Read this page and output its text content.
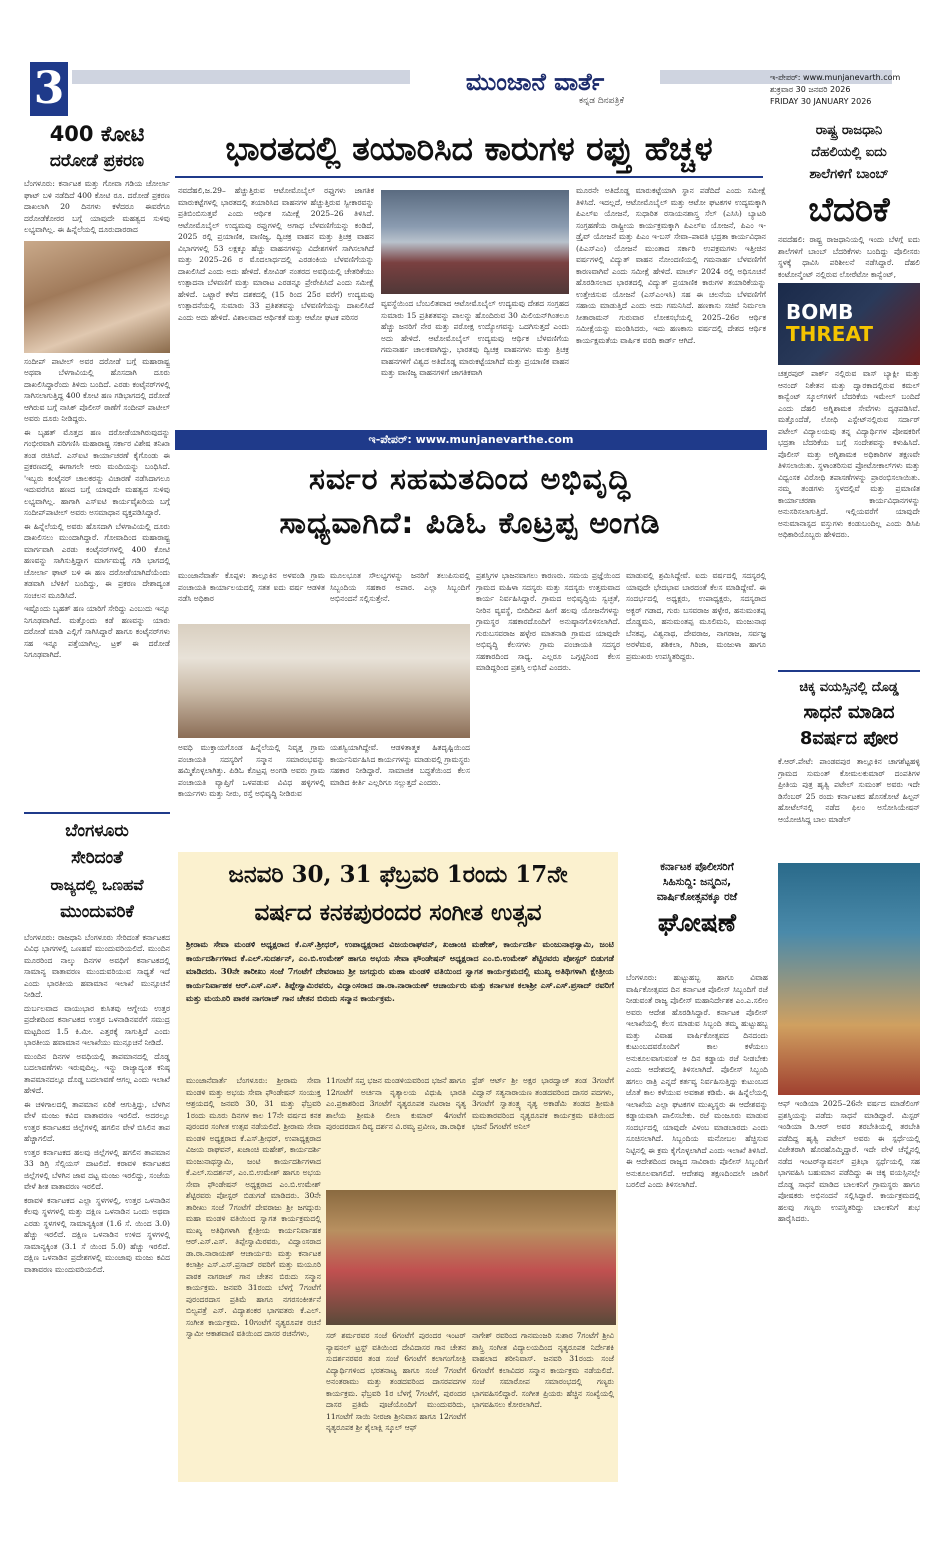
3	ಮುಂಜಾನೆ ವಾರ್ತೆ
ಕನ್ನಡ ದಿನಪತ್ರಿಕೆ
ಇ-ಪೇಪರ್: www.munjanevarth.com
ಶುಕ್ರವಾರ 30 ಜನವರಿ 2026
FRIDAY 30 JANUARY 2026
400 ಕೋಟಿ
ದರೋಡೆ ಪ್ರಕರಣ

ಬೆಂಗಳೂರು: ಕರ್ನಾಟಕ ಮತ್ತು ಗೋವಾ ಗಡಿಯ ಚೋರ್ಲಾ ಘಾಟ್ ಬಳಿ ನಡೆದಿದೆ 400 ಕೋಟಿ ರೂ. ದರೋಡೆ ಪ್ರಕರಣ ದಾಖಲಾಗಿ 20 ದಿನಗಳು ಕಳೆದರೂ ಈವರೆಗೂ ದರೋಡೆಕೋರರ ಬಗ್ಗೆ ಯಾವುದೇ ಮಹತ್ವದ ಸುಳಿವು ಲಭ್ಯವಾಗಿಲ್ಲ. ಈ ಹಿನ್ನೆಲೆಯಲ್ಲಿ ದೂರುದಾರರಾದ

ಸಂದೀಪ್ ಪಾಟೀಲ್ ಅವರ ದರೋಡೆ ಬಗ್ಗೆ ಮಹಾರಾಷ್ಟ್ರ ಅಥವಾ ಬೆಳಗಾವಿಯಲ್ಲಿ ಹೊಸದಾಗಿ ದೂರು ದಾಖಲಿಸಿದ್ದಾರೆಂದು ತಿಳಿದು ಬಂದಿದೆ. ಎರಡು ಕಂಟೈನರ್‌ಗಳಲ್ಲಿ ಸಾಗಿಸಲಾಗುತ್ತಿದ್ದ 400 ಕೋಟಿ ಹಣ ಗಡಿಭಾಗದಲ್ಲಿ ದರೋಡೆ ಆಗಿರುವ ಬಗ್ಗೆ ನಾಸಿಕ್ ಪೊಲೀಸ್ ಠಾಣೆಗೆ ಸಂದೀಪ್ ಪಾಟೀಲ್ ಅವರು ದೂರು ನೀಡಿದ್ದರು.

ಈ ಬೃಹತ್ ಮೊತ್ತದ ಹಣ ದರೋಡೆಯಾಗಿರುವುದನ್ನು ಗಂಭೀರವಾಗಿ ಪರಿಗಣಿಸಿ ಮಹಾರಾಷ್ಟ್ರ ಸರ್ಕಾರ ವಿಶೇಷ ತನಿಖಾ ತಂಡ ರಚಿಸಿದೆ. ಎಸ್‌ಐಟಿ ಕಾರ್ಯಾಚರಣೆ ಕೈಗೊಂಡು ಈ ಪ್ರಕರಣದಲ್ಲಿ ಈಗಾಗಲೇ ಆರು ಮಂದಿಯನ್ನು ಬಂಧಿಸಿದೆ. 'ಇಬ್ಬರು ಕಂಟೈನರ್ ಚಾಲಕರನ್ನು ವಿಚಾರಣೆ ನಡೆಸಿದಾಗಲೂ ಇದುವರೆಗೂ ಹಣದ ಬಗ್ಗೆ ಯಾವುದೇ ಮಹತ್ವದ ಸುಳಿವು ಲಭ್ಯವಾಗಿಲ್ಲ. ಹಾಗಾಗಿ ಎಸ್‌ಐಟಿ ಕಾರ್ಯವೈಖರಿಯ ಬಗ್ಗೆ ಸಂದೀಪ್‌ಪಾಟೀಲ್ ಅವರು ಅಸಮಾಧಾನ ವ್ಯಕ್ತಪಡಿಸಿದ್ದಾರೆ.

ಈ ಹಿನ್ನೆಲೆಯಲ್ಲಿ ಅವರು ಹೊಸದಾಗಿ ಬೆಳಗಾವಿಯಲ್ಲಿ ದೂರು ದಾಖಲಿಸಲು ಮುಂದಾಗಿದ್ದಾರೆ. ಗೋವಾದಿಂದ ಮಹಾರಾಷ್ಟ್ರ ಮಾರ್ಗವಾಗಿ ಎರಡು ಕಂಟೈನರ್‌ಗಳಲ್ಲಿ 400 ಕೋಟಿ ಹಣವನ್ನು ಸಾಗಿಸುತ್ತಿದ್ದಾಗ ಮಾರ್ಗಮಧ್ಯೆ ಗಡಿ ಭಾಗದಲ್ಲಿ ಚೋರ್ಲಾ ಘಾಟ್ ಬಳಿ ಈ ಹಣ ದರೋಡೆಯಾಗಿದೆಯೆಂದು ತಡವಾಗಿ ಬೆಳಕಿಗೆ ಬಂದಿದ್ದು, ಈ ಪ್ರಕರಣ ದೇಶಾದ್ಯಂತ ಸಂಚಲನ ಮೂಡಿಸಿದೆ.

ಇಷ್ಟೊಂದು ಬೃಹತ್ ಹಣ ಯಾರಿಗೆ ಸೇರಿದ್ದು ಎಂಬುದು ಇನ್ನೂ ನಿಗೂಢವಾಗಿದೆ. ಮತ್ತೊಂದು ಕಡೆ ಹಣವನ್ನು ಯಾರು ದರೋಡೆ ಮಾಡಿ ಎಲ್ಲಿಗೆ ಸಾಗಿಸಿದ್ದಾರೆ ಹಾಗೂ ಕಂಟೈನರ್‌ಗಳು ಸಹ ಇನ್ನೂ ಪತ್ತೆಯಾಗಿಲ್ಲ. ಟ್ರಕ್ ಈ ದರೋಡೆ ನಿಗೂಢವಾಗಿದೆ.

ಬೆಂಗಳೂರು
ಸೇರಿದಂತೆ
ರಾಜ್ಯದಲ್ಲಿ ಒಣಹವೆ
ಮುಂದುವರಿಕೆ

ಬೆಂಗಳೂರು: ರಾಜಧಾನಿ ಬೆಂಗಳೂರು ಸೇರಿದಂತೆ ಕರ್ನಾಟಕದ ವಿವಿಧ ಭಾಗಗಳಲ್ಲಿ ಒಣಹವೆ ಮುಂದುವರಿಯಲಿದೆ. ಮುಂದಿನ ಮೂರರಿಂದ ನಾಲ್ಕು ದಿನಗಳ ಅವಧಿಗೆ ಕರ್ನಾಟಕದಲ್ಲಿ ಸಾಮಾನ್ಯ ವಾತಾವರಣ ಮುಂದುವರಿಯುವ ಸಾಧ್ಯತೆ ಇದೆ ಎಂದು ಭಾರತೀಯ ಹವಾಮಾನ ಇಲಾಖೆ ಮುನ್ಸೂಚನೆ ನೀಡಿದೆ.

ದುರ್ಬಲವಾದ ವಾಯುಭಾರ ಕುಸಿತವು ಆಗ್ನೇಯ ಉತ್ತರ ಪ್ರದೇಶದಿಂದ ಕರ್ನಾಟಕದ ಉತ್ತರ ಒಳನಾಡಿನವರೆಗೆ ಸಮುದ್ರ ಮಟ್ಟದಿಂದ 1.5 ಕಿ.ಮೀ. ಎತ್ತರಕ್ಕೆ ಸಾಗುತ್ತಿದೆ ಎಂದು ಭಾರತೀಯ ಹವಾಮಾನ ಇಲಾಖೆಯು ಮುನ್ಸೂಚನೆ ನೀಡಿದೆ.

ಮುಂದಿನ ದಿನಗಳ ಅವಧಿಯಲ್ಲಿ ತಾಪಮಾನದಲ್ಲಿ ದೊಡ್ಡ ಬದಲಾವಣೆಗಳು ಇರುವುದಿಲ್ಲ. ಇನ್ನು ರಾಜ್ಯಾದ್ಯಂತ ಕನಿಷ್ಠ ತಾಪಮಾನದಲ್ಲೂ ದೊಡ್ಡ ಬದಲಾವಣೆ ಆಗಲ್ಲ ಎಂದು ಇಲಾಖೆ ಹೇಳಿದೆ.

ಈ ಚಳಿಗಾಲದಲ್ಲಿ ತಾಪಮಾನ ಏರಿಕೆ ಆಗುತ್ತಿದ್ದು, ಬೆಳಗಿನ ವೇಳೆ ಮಂಜು ಕವಿದ ವಾತಾವರಣ ಇರಲಿದೆ. ಅದರಲ್ಲೂ ಉತ್ತರ ಕರ್ನಾಟಕದ ಜಿಲ್ಲೆಗಳಲ್ಲಿ ಹಗಲಿನ ವೇಳೆ ಬಿಸಿಲಿನ ತಾಪ ಹೆಚ್ಚಾಗಲಿದೆ.

ಉತ್ತರ ಕರ್ನಾಟಕದ ಹಲವು ಜಿಲ್ಲೆಗಳಲ್ಲಿ ಹಗಲಿನ ತಾಪಮಾನ 33 ಡಿಗ್ರಿ ಸೆಲ್ಸಿಯಸ್ ದಾಟಲಿದೆ. ಕರಾವಳಿ ಕರ್ನಾಟಕದ ಜಿಲ್ಲೆಗಳಲ್ಲಿ ಬೆಳಗಿನ ಜಾವ ದಟ್ಟ ಮಂಜು ಇರಲಿದ್ದು, ಸಂಜೆಯ ವೇಳೆ ಶೀತ ವಾತಾವರಣ ಇರಲಿದೆ.

ಕರಾವಳಿ ಕರ್ನಾಟಕದ ಎಲ್ಲಾ ಸ್ಥಳಗಳಲ್ಲಿ, ಉತ್ತರ ಒಳನಾಡಿನ ಕೆಲವು ಸ್ಥಳಗಳಲ್ಲಿ ಮತ್ತು ದಕ್ಷಿಣ ಒಳನಾಡಿನ ಒಂದು ಅಥವಾ ಎರಡು ಸ್ಥಳಗಳಲ್ಲಿ ಸಾಮಾನ್ಯಕ್ಕಿಂತ (1.6 ಸೆ. ಯಿಂದ 3.0) ಹೆಚ್ಚು ಇರಲಿದೆ. ದಕ್ಷಿಣ ಒಳನಾಡಿನ ಉಳಿದ ಸ್ಥಳಗಳಲ್ಲಿ ಸಾಮಾನ್ಯಕ್ಕಿಂತ (3.1 ಸೆ ಯಿಂದ 5.0) ಹೆಚ್ಚು ಇರಲಿದೆ. ದಕ್ಷಿಣ ಒಳನಾಡಿನ ಪ್ರದೇಶಗಳಲ್ಲಿ ಮುಂಜಾವು ಮಂಜು ಕವಿದ ವಾತಾವರಣ ಮುಂದುವರಿಯಲಿದೆ.

ಭಾರತದಲ್ಲಿ ತಯಾರಿಸಿದ ಕಾರುಗಳ ರಫ್ತು ಹೆಚ್ಚಳ
ನವದೆಹಲಿ,ಜ.29– ಹೆಚ್ಚುತ್ತಿರುವ ಆಟೋಮೊಬೈಲ್ ರಫ್ತುಗಳು ಜಾಗತಿಕ ಮಾರುಕಟ್ಟೆಗಳಲ್ಲಿ ಭಾರತದಲ್ಲಿ ತಯಾರಿಸಿದ ವಾಹನಗಳ ಹೆಚ್ಚುತ್ತಿರುವ ಸ್ವೀಕಾರವನ್ನು ಪ್ರತಿಬಿಂಬಿಸುತ್ತವೆ ಎಂದು ಆರ್ಥಿಕ ಸಮೀಕ್ಷೆ 2025–26 ತಿಳಿಸಿದೆ. ಆಟೋಮೊಬೈಲ್ ಉದ್ಯಮವು ರಫ್ತುಗಳಲ್ಲಿ ಅಗಾಧ ಬೆಳವಣಿಗೆಯನ್ನು ಕಂಡಿದೆ, 2025 ರಲ್ಲಿ ಪ್ರಯಾಣಿಕ, ವಾಣಿಜ್ಯ, ದ್ವಿಚಕ್ರ ವಾಹನ ಮತ್ತು ತ್ರಿಚಕ್ರ ವಾಹನ ವಿಭಾಗಗಳಲ್ಲಿ 53 ಲಕ್ಷಕ್ಕೂ ಹೆಚ್ಚು ವಾಹನಗಳನ್ನು ವಿದೇಶಗಳಿಗೆ ಸಾಗಿಸಲಾಗಿದೆ ಮತ್ತು 2025–26 ರ ಮೊದಲಾರ್ಧದಲ್ಲಿ ಎರಡಂಕಿಯ ಬೆಳವಣಿಗೆಯನ್ನು ದಾಖಲಿಸಿದೆ ಎಂದು ಅದು ಹೇಳಿದೆ. ಕೋವಿಡ್ ನಂತರದ ಅವಧಿಯಲ್ಲಿ ಚೇತರಿಕೆಯು ಉತ್ಪಾದನಾ ಬೆಳವಣಿಗೆ ಮತ್ತು ಮಾರಾಟ ಎರಡನ್ನೂ ಪ್ರೇರೇಪಿಸಿದೆ ಎಂದು ಸಮೀಕ್ಷೆ ಹೇಳಿದೆ. ಒಟ್ಟಾರೆ ಕಳೆದ ದಶಕದಲ್ಲಿ (15 ರಿಂದ 25ರ ವರೆಗೆ) ಉದ್ಯಮವು ಉತ್ಪಾದನೆಯಲ್ಲಿ ಸುಮಾರು 33 ಪ್ರತಿಶತವನ್ನು ಬೆಳವಣಿಗೆಯನ್ನು ದಾಖಲಿಸಿದೆ ಎಂದು ಅದು ಹೇಳಿದೆ. ವಿಶಾಲವಾದ ಆರ್ಥಿಕತೆ ಮತ್ತು ಆಟೋ ಘಟಕ ಪರಿಸರ
ವ್ಯವಸ್ಥೆಯಿಂದ ಬೆಂಬಲಿತವಾದ ಆಟೋಮೊಬೈಲ್ ಉದ್ಯಮವು ದೇಶದ ಸಂಗ್ರಹದ ಸುಮಾರು 15 ಪ್ರತಿಶತವನ್ನು ಪಾಲನ್ನು ಹೊಂದಿರುವ 30 ಮಿಲಿಯನ್‌ಗಿಂತಲೂ ಹೆಚ್ಚು ಜನರಿಗೆ ನೇರ ಮತ್ತು ಪರೋಕ್ಷ ಉದ್ಯೋಗವನ್ನು ಒದಗಿಸುತ್ತದೆ ಎಂದು ಅದು ಹೇಳಿದೆ. ಆಟೋಮೊಬೈಲ್ ಉದ್ಯಮವು ಆರ್ಥಿಕ ಬೆಳವಣಿಗೆಯ ಗಮನಾರ್ಹ ಚಾಲಕವಾಗಿದ್ದು, ಭಾರತವು ದ್ವಿಚಕ್ರ ವಾಹನಗಳು ಮತ್ತು ತ್ರಿಚಕ್ರ ವಾಹನಗಳಿಗೆ ವಿಶ್ವದ ಅತಿದೊಡ್ಡ ಮಾರುಕಟ್ಟೆಯಾಗಿದೆ ಮತ್ತು ಪ್ರಯಾಣಿಕ ವಾಹನ ಮತ್ತು ವಾಣಿಜ್ಯ ವಾಹನಗಳಿಗೆ ಜಾಗತಿಕವಾಗಿ
ಮೂರನೇ ಅತಿದೊಡ್ಡ ಮಾರುಕಟ್ಟೆಯಾಗಿ ಸ್ಥಾನ ಪಡೆದಿದೆ ಎಂದು ಸಮೀಕ್ಷೆ ತಿಳಿಸಿದೆ. ಇದಲ್ಲದೆ, ಆಟೋಮೊಬೈಲ್ ಮತ್ತು ಆಟೋ ಘಟಕಗಳ ಉದ್ಯಮಕ್ಕಾಗಿ ಪಿಎಲ್‌ಐ ಯೋಜನೆ, ಸುಧಾರಿತ ರಸಾಯನಶಾಸ್ತ್ರ ಸೆಲ್ (ಎಸಿಸಿ) ಬ್ಯಾಟರಿ ಸಂಗ್ರಹಣೆಯ ರಾಷ್ಟ್ರೀಯ ಕಾರ್ಯಕ್ರಮಕ್ಕಾಗಿ ಪಿಎಲ್‌ಐ ಯೋಜನೆ, ಪಿಎಂ ಇ-ಡ್ರೈವ್ ಯೋಜನೆ ಮತ್ತು ಪಿಎಂ ಇ-ಬಸ್ ಸೇವಾ–ಪಾವತಿ ಭದ್ರತಾ ಕಾರ್ಯವಿಧಾನ (ಪಿಎಸ್‌ಎಂ) ಯೋಜನೆ ಮುಂತಾದ ಸರ್ಕಾರಿ ಉಪಕ್ರಮಗಳು ಇತ್ತೀಚಿನ ವರ್ಷಗಳಲ್ಲಿ ವಿದ್ಯುತ್ ವಾಹನ ನೋಂದಣಿಯಲ್ಲಿ ಗಮನಾರ್ಹ ಬೆಳವಣಿಗೆಗೆ ಕಾರಣವಾಗಿವೆ ಎಂದು ಸಮೀಕ್ಷೆ ಹೇಳಿದೆ. ಮಾರ್ಚ್ 2024 ರಲ್ಲಿ ಅಧಿಸೂಚನೆ ಹೊರಡಿಸಲಾದ ಭಾರತದಲ್ಲಿ ವಿದ್ಯುತ್ ಪ್ರಯಾಣಿಕ ಕಾರುಗಳ ತಯಾರಿಕೆಯನ್ನು ಉತ್ತೇಜಿಸುವ ಯೋಜನೆ (ಎಸ್‌ಎಂಇಸಿ) ಸಹ ಈ ಚಲನೆಯ ಬೆಳವಣಿಗೆಗೆ ಸಹಾಯ ಮಾಡುತ್ತಿದೆ ಎಂದು ಅದು ಗಮನಿಸಿದೆ. ಹಣಕಾಸು ಸಚಿವೆ ನಿರ್ಮಲಾ ಸೀತಾರಾಮನ್ ಗುರುವಾರ ಲೋಕಸಭೆಯಲ್ಲಿ 2025–26ರ ಆರ್ಥಿಕ ಸಮೀಕ್ಷೆಯನ್ನು ಮಂಡಿಸಿದರು, ಇದು ಹಣಕಾಸು ವರ್ಷದಲ್ಲಿ ದೇಶದ ಆರ್ಥಿಕ ಕಾರ್ಯಕ್ಷಮತೆಯ ವಾರ್ಷಿಕ ವರದಿ ಕಾರ್ಡ್ ಆಗಿದೆ.
ಇ-ಪೇಪರ್: www.munjanevarthe.com
ಸರ್ವರ ಸಹಮತದಿಂದ ಅಭಿವೃದ್ಧಿ
ಸಾಧ್ಯವಾಗಿದೆ: ಪಿಡಿಓ ಕೊಟ್ರಪ್ಪ ಅಂಗಡಿ
ಮುಂಜಾನೆವಾರ್ತೆ ಕೊಪ್ಪಳ: ತಾಲ್ಲೂಕಿನ ಅಳವಂಡಿ ಗ್ರಾಮ ಪಂಚಾಯತಿ ಕಾರ್ಯಾಲಯದಲ್ಲಿ ಸತತ ಐದು ವರ್ಷ ಆಡಳಿತ ನಡೆಸಿ ಅಧಿಕಾರ
ಮೂಲಭೂತ ಸೌಲಭ್ಯಗಳನ್ನು ಜನರಿಗೆ ತಲುಪಿಸುವಲ್ಲಿ ಸಿಬ್ಬಂದಿಯ ಸಹಕಾರ ಅಪಾರ. ಎಲ್ಲಾ ಸಿಬ್ಬಂದಿಗೆ ಅಭಿನಂದನೆ ಸಲ್ಲಿಸುತ್ತೇನೆ.
ಅವಧಿ ಮುಕ್ತಾಯಗೊಂಡ ಹಿನ್ನೆಲೆಯಲ್ಲಿ ನಿವೃತ್ತ ಗ್ರಾಮ ಪಂಚಾಯತಿ ಸದಸ್ಯರಿಗೆ ಸನ್ಮಾನ ಸಮಾರಂಭವನ್ನು ಹಮ್ಮಿಕೊಳ್ಳಲಾಗಿತ್ತು. ಪಿಡಿಓ ಕೊಟ್ರಪ್ಪ ಅಂಗಡಿ ಅವರು ಗ್ರಾಮ ಪಂಚಾಯತಿ ವ್ಯಾಪ್ತಿಗೆ ಒಳಪಡುವ ವಿವಿಧ ಹಳ್ಳಿಗಳಲ್ಲಿ ಕಾರ್ಯಗಳು ಮತ್ತು ನೀರು, ರಸ್ತೆ ಅಭಿವೃದ್ಧಿ ನೀಡಿರುವ
ಯಶಸ್ವಿಯಾಗಿದ್ದೇವೆ. ಆಡಳಿತಾತ್ಮಕ ಹಿತದೃಷ್ಟಿಯಿಂದ ಕಾರ್ಯನಿರ್ವಹಿಸಿದ ಕಾರ್ಯಗಳನ್ನು ಮಾಡುವಲ್ಲಿ ಗ್ರಾಮಸ್ಥರು ಸಹಕಾರ ನೀಡಿದ್ದಾರೆ. ಸಾಮಾಜಿಕ ಬದ್ಧತೆಯಿಂದ ಕೆಲಸ ಮಾಡಿದ ಕೀರ್ತಿ ಎಲ್ಲರಿಗೂ ಸಲ್ಲುತ್ತದೆ ಎಂದರು.
ಪ್ರಶಸ್ತಿಗಳ ಭಾಜನವಾಗಲು ಕಾರಣರು. ಸಮಯ ಪ್ರಜ್ಞೆಯಿಂದ ಗ್ರಾಮದ ಮಹಿಳಾ ಸದಸ್ಯರು ಮತ್ತು ಸದಸ್ಯರು ಉತ್ತಮವಾದ ಕಾರ್ಯ ನಿರ್ವಹಿಸಿದ್ದಾರೆ. ಗ್ರಾಮದ ಅಭಿವೃದ್ಧಿಯ ಸ್ವಚ್ಛತೆ, ನೀರಿನ ವ್ಯವಸ್ಥೆ, ಬೀದಿದೀಪ ಹೀಗೆ ಹಲವು ಯೋಜನೆಗಳನ್ನು ಗ್ರಾಮಸ್ಥರ ಸಹಕಾರದೊಂದಿಗೆ ಅನುಷ್ಠಾನಗೊಳಿಸಲಾಗಿದೆ. ಗುರುಬಸವರಾಜ ಹಳ್ಳೇರ ಮಾತನಾಡಿ ಗ್ರಾಮದ ಯಾವುದೇ ಅಭಿವೃದ್ಧಿ ಕೆಲಸಗಳು ಗ್ರಾಮ ಪಂಚಾಯತಿ ಸದಸ್ಯರ ಸಹಕಾರದಿಂದ ಸಾಧ್ಯ. ಎಲ್ಲರೂ ಒಗ್ಗಟ್ಟಿನಿಂದ ಕೆಲಸ ಮಾಡಿದ್ದರಿಂದ ಪ್ರಶಸ್ತಿ ಲಭಿಸಿದೆ ಎಂದರು.
ಮಾಡುವಲ್ಲಿ ಶ್ರಮಿಸಿದ್ದೇವೆ. ಐದು ವರ್ಷದಲ್ಲಿ ಸದಸ್ಯರಲ್ಲಿ ಯಾವುದೇ ಭೇದಭಾವ ಬಾರದಂತೆ ಕೆಲಸ ಮಾಡಿದ್ದೇವೆ. ಈ ಸಂದರ್ಭದಲ್ಲಿ ಅಧ್ಯಕ್ಷರು, ಉಪಾಧ್ಯಕ್ಷರು, ಸದಸ್ಯರಾದ ಅಕ್ಬರ್ ಗಡಾದ, ಗುರು ಬಸವರಾಜ ಹಳ್ಳೇರ, ಹನುಮಂತಪ್ಪ ದೊಡ್ಡಮನಿ, ಹನುಮಂತಪ್ಪ ಮೂಲಿಮನಿ, ಮಂಜುನಾಥ ಬೆನಕಪ್ಪ, ವಿಶ್ವನಾಥ, ದೇವರಾಜ, ನಾಗರಾಜ, ಸರ್ವಜ್ಞ ಅರಳೆಮಠ, ಶಶಿಕಲಾ, ಗಿರಿಜಾ, ಮಂಜುಳಾ ಹಾಗೂ ಪ್ರಮುಖರು ಉಪಸ್ಥಿತರಿದ್ದರು.
ಜನವರಿ 30, 31 ಫೆಬ್ರವರಿ 1ರಂದು 17ನೇ
ವರ್ಷದ ಕನಕಪುರಂದರ ಸಂಗೀತ ಉತ್ಸವ
ಶ್ರೀರಾಮ ಸೇವಾ ಮಂಡಳಿ ಅಧ್ಯಕ್ಷರಾದ ಕೆ.ಎಸ್.ಶ್ರೀಧರ್, ಉಪಾಧ್ಯಕ್ಷರಾದ ವಿಜಯರಾಘವನ್, ಖಜಾಂಚಿ ಮಹೇಶ್, ಕಾರ್ಯದರ್ಶಿ ಮಂಜುನಾಥಸ್ವಾಮಿ, ಜಂಟಿ ಕಾರ್ಯದರ್ಶಿಗಳಾದ ಕೆ.ಎಲ್.ಸುದರ್ಶನ್, ಎಂ.ಬಿ.ಉಮೇಶ್ ಹಾಗೂ ಅಭಯ ಸೇವಾ ಫೌಂಡೇಷನ್ ಅಧ್ಯಕ್ಷರಾದ ಎಂ.ಬಿ.ಉಮೇಶ್ ಶೆಟ್ಟಿರವರು ಪೋಸ್ಟರ್ ಬಿಡುಗಡೆ ಮಾಡಿದರು. 30ನೇ ತಾರೀಖು ಸಂಜೆ 7ಗಂಟೆಗೆ ದೇವರಾಜು ಶ್ರೀ ಜಗದ್ಗುರು ಮಹಾ ಮಂಡಳಿ ವತಿಯಿಂದ ಸ್ವಾಗತ ಕಾರ್ಯಕ್ರಮದಲ್ಲಿ ಮುಖ್ಯ ಅತಿಥಿಗಳಾಗಿ ಕ್ಷೇತ್ರೀಯ ಕಾರ್ಯನಿರ್ವಾಹಕ ಆರ್.ಎಸ್.ಎಸ್. ತಿಪ್ಪೇಸ್ವಾಮಿರವರು, ವಿದ್ವಾಂಸರಾದ ಡಾ.ರಾ.ನಾರಾಯಣ್ ಆಚಾರ್ಯರು ಮತ್ತು ಕರ್ನಾಟಕ ಕಲಾಶ್ರೀ ಎಸ್.ಎಸ್.ಪ್ರಸಾದ್ ರವರಿಗೆ ಮತ್ತು ಮಯೂರಿ ಪಾಠಕ ನಾಗರಾಜ್ ಗಾನ ಚೇತನ ಬಿರುದು ಸನ್ಮಾನ ಕಾರ್ಯಕ್ರಮ.
ಮುಂಜಾನೆವಾರ್ತೆ ಬೆಂಗಳೂರು: ಶ್ರೀರಾಮ ಸೇವಾ ಮಂಡಳಿ ಮತ್ತು ಅಭಯ ಸೇವಾ ಫೌಂಡೇಷನ್ ಸಂಯುಕ್ತ ಆಶ್ರಯದಲ್ಲಿ ಜನವರಿ 30, 31 ಮತ್ತು ಫೆಬ್ರವರಿ 1ರಂದು ಮೂರು ದಿನಗಳ ಕಾಲ 17ನೇ ವರ್ಷದ ಕನಕ ಪುರಂದರ ಸಂಗೀತ ಉತ್ಸವ ನಡೆಯಲಿದೆ. ಶ್ರೀರಾಮ ಸೇವಾ ಮಂಡಳಿ ಅಧ್ಯಕ್ಷರಾದ ಕೆ.ಎಸ್.ಶ್ರೀಧರ್, ಉಪಾಧ್ಯಕ್ಷರಾದ ವಿಜಯ ರಾಘವನ್, ಖಜಾಂಚಿ ಮಹೇಶ್, ಕಾರ್ಯದರ್ಶಿ ಮಂಜುನಾಥಸ್ವಾಮಿ, ಜಂಟಿ ಕಾರ್ಯದರ್ಶಿಗಳಾದ ಕೆ.ಎಲ್.ಸುದರ್ಶನ್, ಎಂ.ಬಿ.ಉಮೇಶ್ ಹಾಗೂ ಅಭಯ ಸೇವಾ ಫೌಂಡೇಷನ್ ಅಧ್ಯಕ್ಷರಾದ ಎಂ.ಬಿ.ಉಮೇಶ್ ಶೆಟ್ಟಿರವರು ಪೋಸ್ಟರ್ ಬಿಡುಗಡೆ ಮಾಡಿದರು. 30ನೇ ತಾರೀಖು ಸಂಜೆ 7ಗಂಟೆಗೆ ದೇವರಾಜು ಶ್ರೀ ಜಗದ್ಗುರು ಮಹಾ ಮಂಡಳಿ ವತಿಯಿಂದ ಸ್ವಾಗತ ಕಾರ್ಯಕ್ರಮದಲ್ಲಿ ಮುಖ್ಯ ಅತಿಥಿಗಳಾಗಿ ಕ್ಷೇತ್ರೀಯ ಕಾರ್ಯನಿರ್ವಾಹಕ ಆರ್.ಎಸ್.ಎಸ್. ತಿಪ್ಪೇಸ್ವಾಮಿರವರು, ವಿದ್ವಾಂಸರಾದ ಡಾ.ರಾ.ನಾರಾಯಣ್ ಆಚಾರ್ಯರು ಮತ್ತು ಕರ್ನಾಟಕ ಕಲಾಶ್ರೀ ಎಸ್.ಎಸ್.ಪ್ರಸಾದ್ ರವರಿಗೆ ಮತ್ತು ಮಯೂರಿ ಪಾಠಕ ನಾಗರಾಜ್ ಗಾನ ಚೇತನ ಬಿರುದು ಸನ್ಮಾನ ಕಾರ್ಯಕ್ರಮ. ಜನವರಿ 31ರಂದು ಬೆಳಗ್ಗೆ 7ಗಂಟೆಗೆ ಪುರಂದರದಾಸ ಪ್ರತಿಮೆ ಹಾಗೂ ನಗರಸಂಕೀರ್ತನೆ ಬಿಲ್ವಪತ್ರೆ ಎಸ್. ವಿದ್ಯಾಶಂಕರ ಭಾಗವತರು ಕೆ.ಎಲ್. ಸಂಗೀತ ಕಾರ್ಯಕ್ರಮ. 10ಗಂಟೆಗೆ ನೃತ್ಯರೂಪಕ ರಚನೆ ಸ್ವಾಮೀ ಆಕಾಶವಾಣಿ ವತಿಯಿಂದ ದಾಸರ ರಚನೆಗಳು,
11ಗಂಟೆಗೆ ಸಪ್ತ ಭಜನ ಮಂಡಳಿಯವರಿಂದ ಭಜನೆ ಹಾಗೂ 12ಗಂಟೆಗೆ ಅರ್ಚನಾ ನೃತ್ಯಾಲಯ ವಿಧುಷಿ ಭಾರತಿ ಎಂ.ಪ್ರಕಾಶರಿಂದ 3ಗಂಟೆಗೆ ನೃತ್ಯರೂಪಕ ನಟರಾಜ ನೃತ್ಯ ಶಾಲೆಯ ಶ್ರೀಮತಿ ಲೀಲಾ ಕುಮಾರ್ 4ಗಂಟೆಗೆ ಪುರಂದರದಾಸ ದಿವ್ಯ ದರ್ಶನ ವಿ.ರಮ್ಯ ಪ್ರವೀಣ, ಡಾ.ರಾಧಿಕ
ಫ್ರೆಡ್ ಆರ್ಟ್ ಶ್ರೀ ಅಕ್ಷರ ಭಾರದ್ವಾಜ್ ತಂಡ 3ಗಂಟೆಗೆ ವಿದ್ವಾನ್ ಸತ್ಯನಾರಾಯಣ ತಂಡದವರಿಂದ ದಾಸರ ಪದಗಳು, 3ಗಂಟೆಗೆ ಸ್ವಾತಂತ್ರ್ಯ ನೃತ್ಯ ಅಕಾಡೆಮಿ ತಂಡದ ಶ್ರೀಮತಿ ಮಮತಾರವರಿಂದ ನೃತ್ಯರೂಪಕ ಕಾರ್ಯಕ್ರಮ ವತಿಯಿಂದ ಭಜನೆ 5ಗಂಟೆಗೆ ಅನಿಲ್
ಸರ್ ಶರ್ಮರವರ ಸಂಜೆ 6ಗಂಟೆಗೆ ಪುರಂದರ ಇಂಟರ್ ನ್ಯಾಷನಲ್ ಟ್ರಸ್ಟ್ ವತಿಯಿಂದ ದೇವಿದಾಸರ ಗಾನ ಚೇತನ ಸುದರ್ಶನರವರ ತಂಡ ಸಂಜೆ 6ಗಂಟೆಗೆ ಕಲಾಗಂಗೋತ್ರಿ ವಿದ್ಯಾರ್ಥಿಗಳಿಂದ ಭರತನಾಟ್ಯ ಹಾಗೂ ಸಂಜೆ 7ಗಂಟೆಗೆ ಅನಂತರಾಮು ಮತ್ತು ತಂಡದವರಿಂದ ದಾಸರಪದಗಳ ಕಾರ್ಯಕ್ರಮ. ಫೆಬ್ರವರಿ 1ರ ಬೆಳಗ್ಗೆ 7ಗಂಟೆಗೆ, ಪುರಂದರ ದಾಸರ ಪ್ರತಿಮೆ ಪೂಜೆಯೊಂದಿಗೆ ಮುಂದುವರಿದು, 11ಗಂಟೆಗೆ ಸಾಯಿ ನೀರಜಾ ಶ್ರೀನಿವಾಸ ಹಾಗೂ 12ಗಂಟೆಗೆ ನೃತ್ಯರೂಪಕ ಶ್ರೀ ಶೈಲಾಕ್ಷಿ ಸ್ಕೂಲ್ ಆಫ್
ನಾಗೇಶ್ ರವರಿಂದ ಗಾನಮಂಜರಿ ಸುಶಾರ 7ಗಂಟೆಗೆ ಶ್ರೀವಿ ಶಾಸ್ತ್ರಿ ಸಂಗೀತ ವಿದ್ಯಾಲಯದಿಂದ ನೃತ್ಯರೂಪಕ ನಿರ್ದೇಶಕಿ ವಾಹಲಾದ ಶರೀನಿವಾಸ್. ಜನವರಿ 31ರಂದು ಸಂಜೆ 6ಗಂಟೆಗೆ ಕಲಾವಿದರ ಸನ್ಮಾನ ಕಾರ್ಯಕ್ರಮ ನಡೆಯಲಿದೆ. ಸಂಜೆ ಸಮಾರೋಪ ಸಮಾರಂಭದಲ್ಲಿ ಗಣ್ಯರು ಭಾಗವಹಿಸಲಿದ್ದಾರೆ. ಸಂಗೀತ ಪ್ರಿಯರು ಹೆಚ್ಚಿನ ಸಂಖ್ಯೆಯಲ್ಲಿ ಭಾಗವಹಿಸಲು ಕೋರಲಾಗಿದೆ.
ಕರ್ನಾಟಕ ಪೊಲೀಸರಿಗೆ
ಸಿಹಿಸುದ್ದಿ: ಜನ್ಮದಿನ,
ವಾರ್ಷಿಕೋತ್ಸವಕ್ಕೂ ರಜೆ
ಘೋಷಣೆ
ಬೆಂಗಳೂರು: ಹುಟ್ಟುಹಬ್ಬ ಹಾಗೂ ವಿವಾಹ ವಾರ್ಷಿಕೋತ್ಸವದ ದಿನ ಕರ್ನಾಟಕ ಪೊಲೀಸ್ ಸಿಬ್ಬಂದಿಗೆ ರಜೆ ನೀಡುವಂತೆ ರಾಜ್ಯ ಪೊಲೀಸ್ ಮಹಾನಿರ್ದೇಶಕ ಎಂ.ಎ.ಸಲೀಂ ಅವರು ಆದೇಶ ಹೊರಡಿಸಿದ್ದಾರೆ. ಕರ್ನಾಟಕ ಪೊಲೀಸ್ ಇಲಾಖೆಯಲ್ಲಿ ಕೆಲಸ ಮಾಡುವ ಸಿಬ್ಬಂದಿ ತಮ್ಮ ಹುಟ್ಟುಹಬ್ಬ ಮತ್ತು ವಿವಾಹ ವಾರ್ಷಿಕೋತ್ಸವದ ದಿನದಂದು ಕುಟುಂಬದವರೊಂದಿಗೆ ಕಾಲ ಕಳೆಯಲು ಅನುಕೂಲವಾಗುವಂತೆ ಆ ದಿನ ಕಡ್ಡಾಯ ರಜೆ ನೀಡಬೇಕು ಎಂದು ಆದೇಶದಲ್ಲಿ ತಿಳಿಸಲಾಗಿದೆ. ಪೊಲೀಸ್ ಸಿಬ್ಬಂದಿ ಹಗಲು ರಾತ್ರಿ ಎನ್ನದೆ ಕರ್ತವ್ಯ ನಿರ್ವಹಿಸುತ್ತಿದ್ದು ಕುಟುಂಬದ ಜೊತೆ ಕಾಲ ಕಳೆಯುವ ಅವಕಾಶ ಕಡಿಮೆ. ಈ ಹಿನ್ನೆಲೆಯಲ್ಲಿ ಇಲಾಖೆಯ ಎಲ್ಲಾ ಘಟಕಗಳ ಮುಖ್ಯಸ್ಥರು ಈ ಆದೇಶವನ್ನು ಕಡ್ಡಾಯವಾಗಿ ಪಾಲಿಸಬೇಕು. ರಜೆ ಮಂಜೂರು ಮಾಡುವ ಸಂದರ್ಭದಲ್ಲಿ ಯಾವುದೇ ವಿಳಂಬ ಮಾಡಬಾರದು ಎಂದು ಸೂಚಿಸಲಾಗಿದೆ. ಸಿಬ್ಬಂದಿಯ ಮನೋಬಲ ಹೆಚ್ಚಿಸುವ ನಿಟ್ಟಿನಲ್ಲಿ ಈ ಕ್ರಮ ಕೈಗೊಳ್ಳಲಾಗಿದೆ ಎಂದು ಇಲಾಖೆ ತಿಳಿಸಿದೆ. ಈ ಆದೇಶದಿಂದ ರಾಜ್ಯದ ಸಾವಿರಾರು ಪೊಲೀಸ್ ಸಿಬ್ಬಂದಿಗೆ ಅನುಕೂಲವಾಗಲಿದೆ. ಆದೇಶವು ತಕ್ಷಣದಿಂದಲೇ ಜಾರಿಗೆ ಬರಲಿದೆ ಎಂದು ತಿಳಿಸಲಾಗಿದೆ.
ರಾಷ್ಟ್ರ ರಾಜಧಾನಿ
ದೆಹಲಿಯಲ್ಲಿ ಐದು
ಶಾಲೆಗಳಿಗೆ ಬಾಂಬ್
ಬೆದರಿಕೆ
ನವದೆಹಲಿ: ರಾಷ್ಟ್ರ ರಾಜಧಾನಿಯಲ್ಲಿ ಇಂದು ಬೆಳಗ್ಗೆ ಐದು ಶಾಲೆಗಳಿಗೆ ಬಾಂಬ್ ಬೆದರಿಕೆಗಳು ಬಂದಿದ್ದು ಪೊಲೀಸರು ಸ್ಥಳಕ್ಕೆ ಧಾವಿಸಿ ಪರಿಶೀಲನೆ ನಡೆಸಿದ್ದಾರೆ. ದೆಹಲಿ ಕಂಟೋನ್ಮೆಂಟ್ ನಲ್ಲಿರುವ ಲೋರೆಟೋ ಕಾನ್ವೆಂಟ್,
BOMB
THREAT
ಚತ್ತರಪುರ್ ಪಾರ್ಕ್ ನಲ್ಲಿರುವ ವಾಸ್ ಬ್ಯಾಕ್ಲೀ ಮತ್ತು ಆನಂದ್ ನಿಕೇತನ ಮತ್ತು ದ್ವಾರಕಾದಲ್ಲಿರುವ ಕಮಲ್ ಕಾನ್ವೆಂಟ್ ಸ್ಕೂಲ್‌ಗಳಿಗೆ ಬೆದರಿಕೆಯ ಇಮೇಲ್ ಬಂದಿದೆ ಎಂದು ದೆಹಲಿ ಅಗ್ನಿಶಾಮಕ ಸೇವೆಗಳು ದೃಢಪಡಿಸಿವೆ. ಮತ್ತೊಂದೆಡೆ, ಲೋಧಿ ಎಸ್ಟೇಟ್‌ನಲ್ಲಿರುವ ಸರ್ದಾರ್ ಪಟೇಲ್ ವಿದ್ಯಾಲಯವು ತನ್ನ ವಿದ್ಯಾರ್ಥಿಗಳ ಪೋಷಕರಿಗೆ ಭದ್ರತಾ ಬೆದರಿಕೆಯ ಬಗ್ಗೆ ಸಂದೇಶವನ್ನು ಕಳುಹಿಸಿದೆ. ಪೊಲೀಸ್ ಮತ್ತು ಅಗ್ನಿಶಾಮಕ ಅಧಿಕಾರಿಗಳ ತಕ್ಷಣವೇ ತಿಳಿಸಲಾಯಿತು. ಸ್ಥಳಾಂತರಿಸುವ ಪ್ರೋಟೋಕಾಲ್‌ಗಳು ಮತ್ತು ವಿಧ್ವಂಸಕ ವಿರೋಧಿ ತಪಾಸಣೆಗಳನ್ನು ಪ್ರಾರಂಭಿಸಲಾಯಿತು. ನಮ್ಮ ತಂಡಗಳು ಸ್ಥಳದಲ್ಲಿವೆ ಮತ್ತು ಪ್ರಮಾಣಿತ ಕಾರ್ಯಾಚರಣಾ ಕಾರ್ಯವಿಧಾನಗಳನ್ನು ಅನುಸರಿಸಲಾಗುತ್ತಿದೆ. ಇಲ್ಲಿಯವರೆಗೆ ಯಾವುದೇ ಅನುಮಾನಾಸ್ಪದ ವಸ್ತುಗಳು ಕಂಡುಬಂದಿಲ್ಲ ಎಂದು ಡಿಸಿಪಿ ಅಧಿಕಾರಿಯೊಬ್ಬರು ಹೇಳಿದರು.
ಚಿಕ್ಕ ವಯಸ್ಸಿನಲ್ಲಿ ದೊಡ್ಡ
ಸಾಧನೆ ಮಾಡಿದ
8ವರ್ಷದ ಪೋರ
ಕೆ.ಆರ್.ಪೇಟೆ: ಪಾಂಡವಪುರ ತಾಲ್ಲೂಕಿನ ಚಾಗಶೆಟ್ಟಹಳ್ಳಿ ಗ್ರಾಮದ ಸುಮಂತ್ ಕೋಮಲಕುಮಾರ್ ದಂಪತಿಗಳ ಪ್ರೀತಿಯ ಪುತ್ರ ಹೃತ್ವಿ ಪಟೇಲ್ ಸುಮಂತ್ ಅವರು ಇದೇ ಡಿಸೆಂಬರ್ 25 ರಂದು ಕರ್ನಾಟಕದ ಹೊಸಕೋಟೆ ಹಿಲ್ಟನ್ ಹೋಟೆಲ್‌ನಲ್ಲಿ ನಡೆದ ಫಿಲಂ ಅಸೋಸಿಯೇಷನ್ ಆಯೋಜಿಸಿದ್ದ ಬಾಲ ಮಾಡೆಲ್
ಆಫ್ ಇಂಡಿಯಾ 2025–26ನೇ ವರ್ಷದ ಮಾಡೆಲಿಂಗ್ ಪ್ರಶಸ್ತಿಯನ್ನು ಪಡೆದು ಸಾಧನೆ ಮಾಡಿದ್ದಾರೆ. ಮಿಸ್ಟರ್ ಇಂಡಿಯಾ ಡಿ.ಆರ್ ಅವರ ತರಬೇತಿಯಲ್ಲಿ ತರಬೇತಿ ಪಡೆದಿದ್ದ ಹೃತ್ವಿ ಪಟೇಲ್ ಅವರು ಈ ಸ್ಪರ್ಧೆಯಲ್ಲಿ ವಿಜೇತರಾಗಿ ಹೊರಹೊಮ್ಮಿದ್ದಾರೆ. ಇದೇ ವೇಳೆ ಚೆನ್ನೈನಲ್ಲಿ ನಡೆದ ಇಂಟರ್‌ನ್ಯಾಷನಲ್ ಪ್ರತಿಭಾ ಸ್ಪರ್ಧೆಯಲ್ಲಿ ಸಹ ಭಾಗವಹಿಸಿ ಬಹುಮಾನ ಪಡೆದಿದ್ದು ಈ ಚಿಕ್ಕ ವಯಸ್ಸಿನಲ್ಲೇ ದೊಡ್ಡ ಸಾಧನೆ ಮಾಡಿದ ಬಾಲಕನಿಗೆ ಗ್ರಾಮಸ್ಥರು ಹಾಗೂ ಪೋಷಕರು ಅಭಿನಂದನೆ ಸಲ್ಲಿಸಿದ್ದಾರೆ. ಕಾರ್ಯಕ್ರಮದಲ್ಲಿ ಹಲವು ಗಣ್ಯರು ಉಪಸ್ಥಿತರಿದ್ದು ಬಾಲಕನಿಗೆ ಶುಭ ಹಾರೈಸಿದರು.
